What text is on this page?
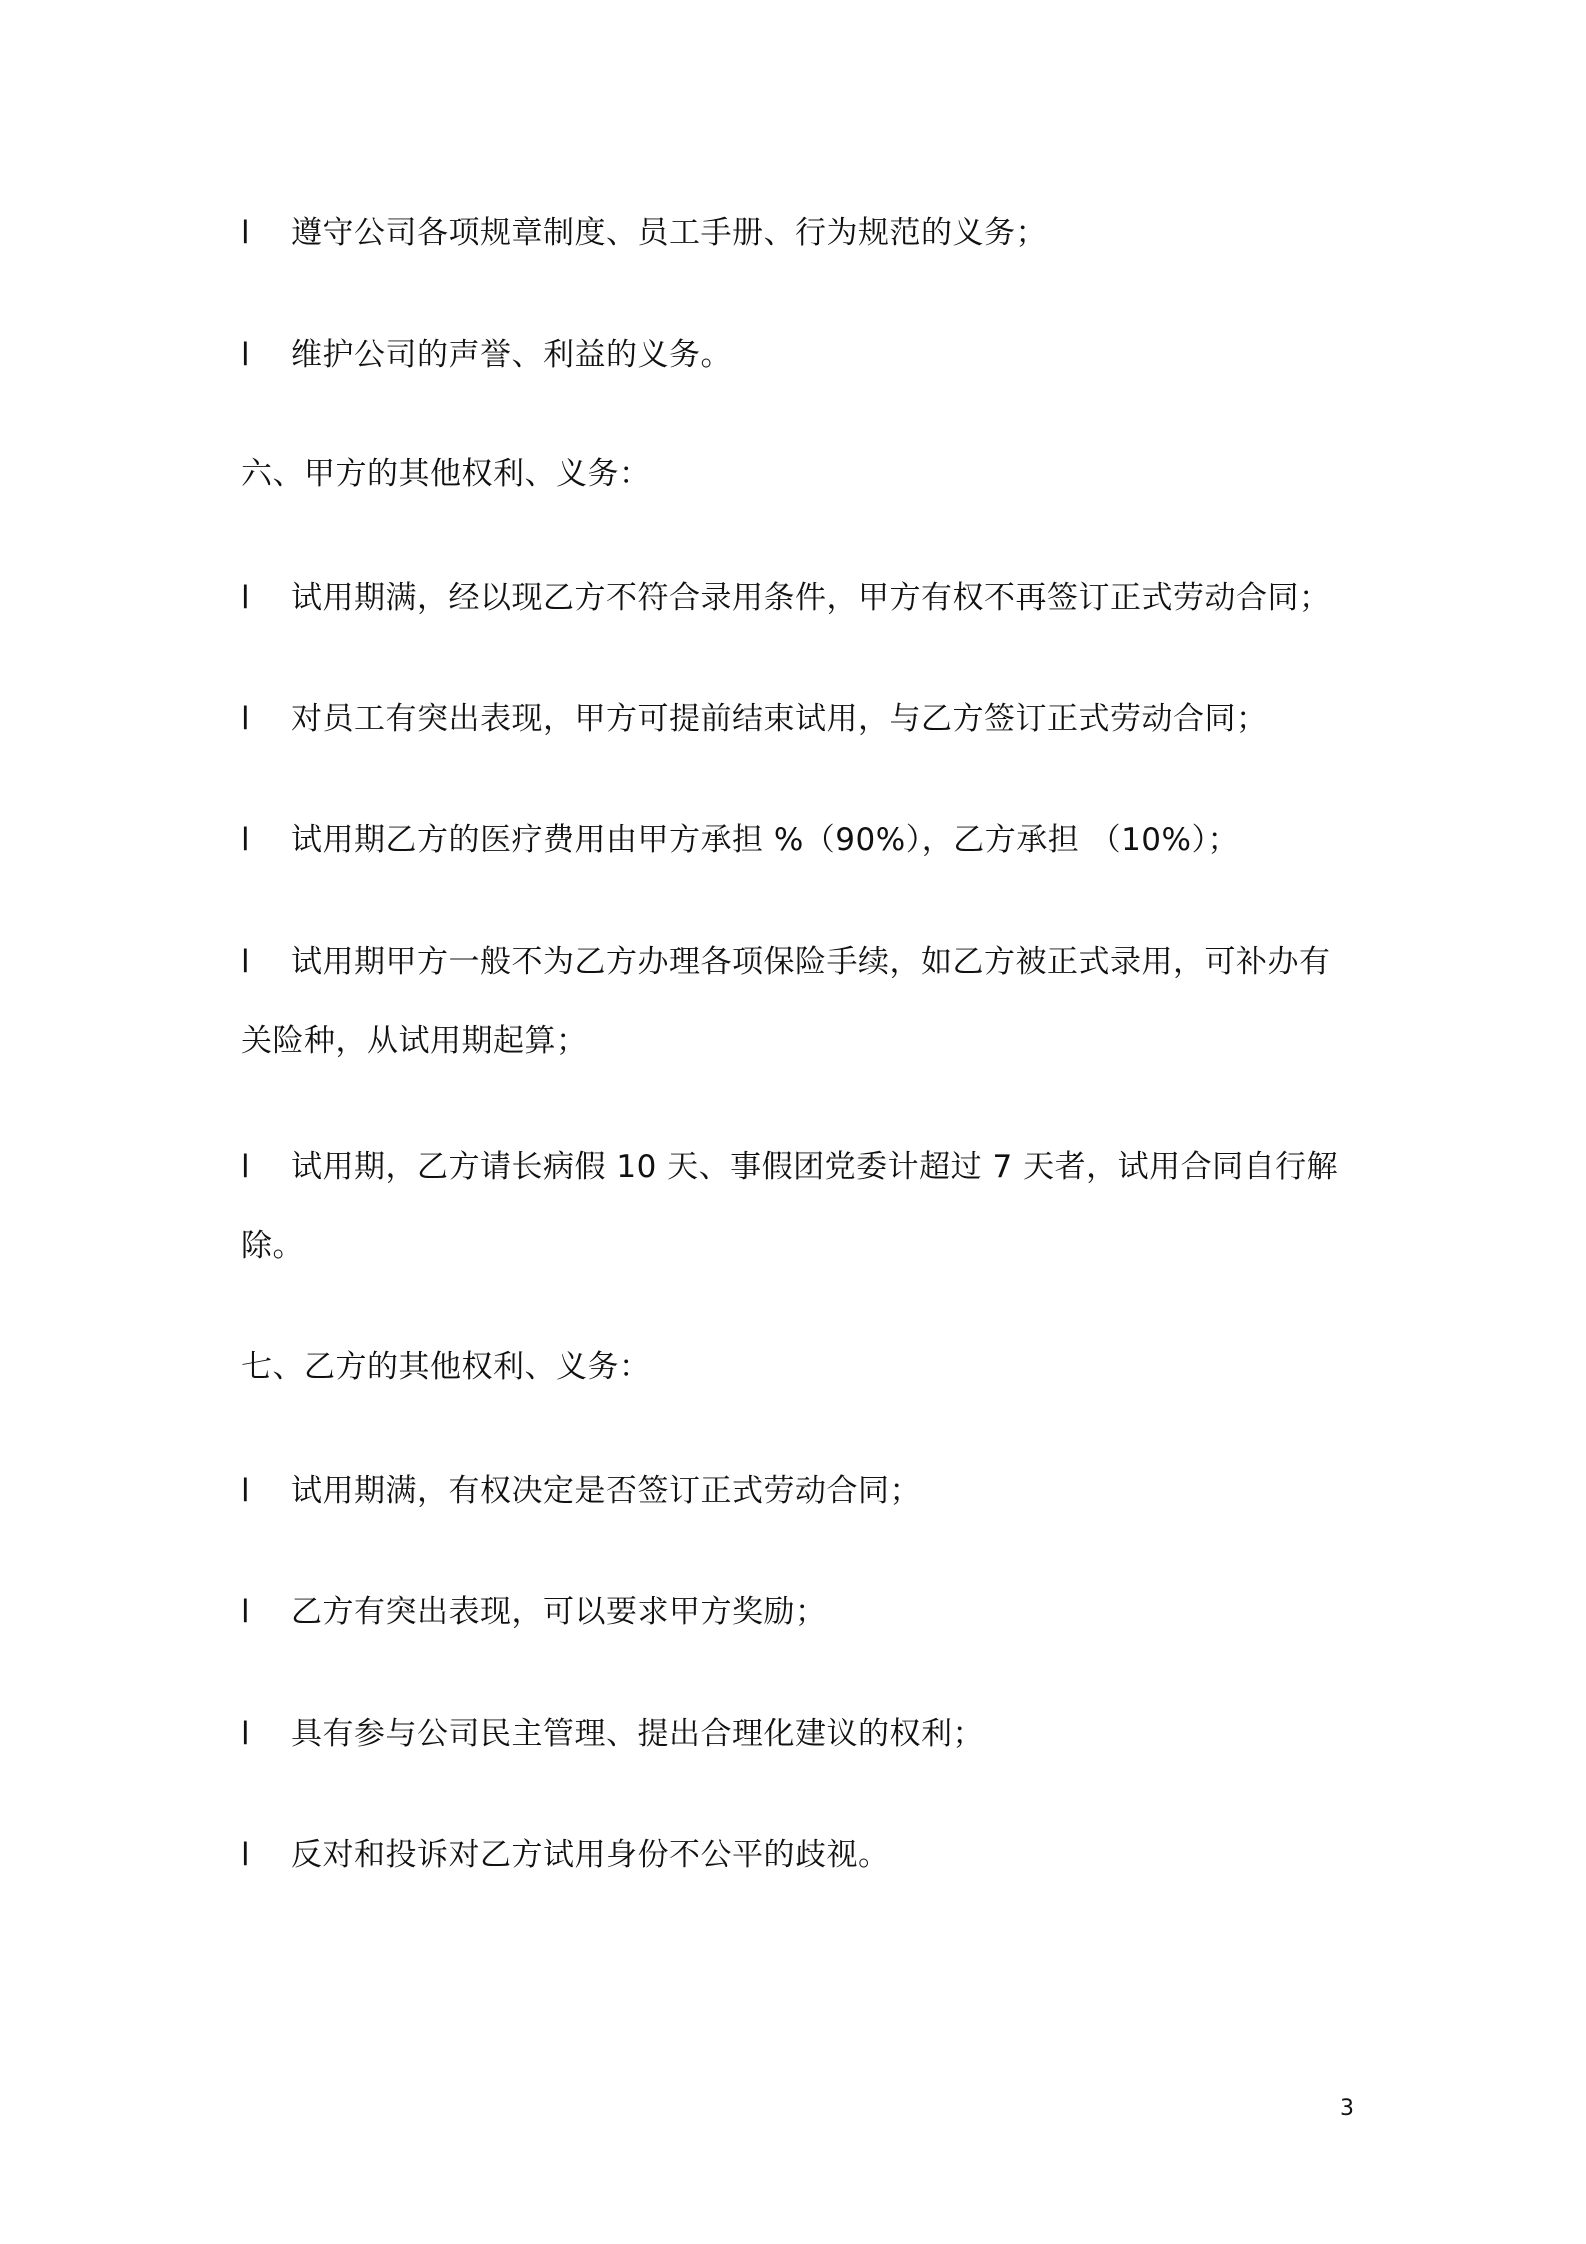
l 遵守公司各项规章制度、员工手册、行为规范的义务；
l 维护公司的声誉、利益的义务。
六、甲方的其他权利、义务：
l 试用期满，经以现乙方不符合录用条件，甲方有权不再签订正式劳动合同；
l 对员工有突出表现，甲方可提前结束试用，与乙方签订正式劳动合同；
l 试用期乙方的医疗费用由甲方承担 %（90%），乙方承担 （10%）；
l 试用期甲方一般不为乙方办理各项保险手续，如乙方被正式录用，可补办有
关险种，从试用期起算；
l 试用期，乙方请长病假 10 天、事假团党委计超过 7 天者，试用合同自行解
除。
七、乙方的其他权利、义务：
l 试用期满，有权决定是否签订正式劳动合同；
l 乙方有突出表现，可以要求甲方奖励；
l 具有参与公司民主管理、提出合理化建议的权利；
l 反对和投诉对乙方试用身份不公平的歧视。
3
